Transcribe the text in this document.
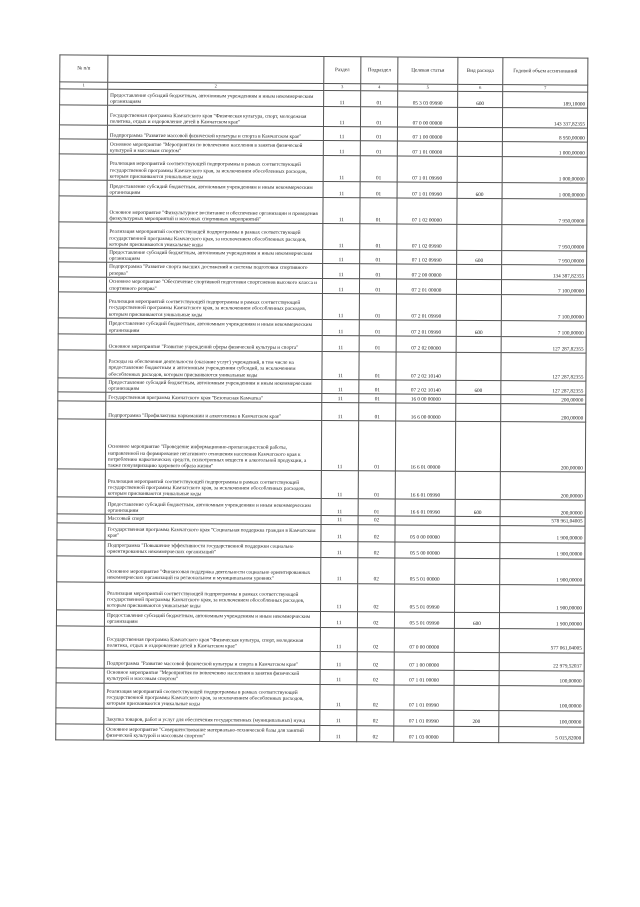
№ п/п		Раздел	Подраздел	Целевая статья	Вид расхода	Годовой объем ассигнований
1	2	3	4	5	6	7
	Предоставление субсидий бюджетным, автономным учреждениям и иным некоммерческим организациям	11	01	05 3 03 09990	600	189,10000
	Государственная программа Камчатского края "Физическая культура, спорт, молодежная политика, отдых и оздоровление детей в Камчатском крае"	11	01	07 0 00 00000		143 337,82355
	Подпрограмма "Развитие массовой физической культуры и спорта в Камчатском крае"	11	01	07 1 00 00000		8 950,00000
	Основное мероприятие "Мероприятия по вовлечению населения в занятия физической культурой и массовым спортом"	11	01	07 1 01 00000		1 000,00000
	Реализация мероприятий соответствующей подпрограммы в рамках соответствующей государственной программы Камчатского края, за исключением обособленных расходов, которым присваиваются уникальные коды	11	01	07 1 01 09990		1 000,00000
	Предоставление субсидий бюджетным, автономным учреждениям и иным некоммерческим организациям	11	01	07 1 01 09990	600	1 000,00000
	Основное мероприятие "Физкультурное воспитание и обеспечение организации и проведения физкультурных мероприятий и массовых спортивных мероприятий"	11	01	07 1 02 00000		7 950,00000
	Реализация мероприятий соответствующей подпрограммы в рамках соответствующей государственной программы Камчатского края, за исключением обособленных расходов, которым присваиваются уникальные коды	11	01	07 1 02 09990		7 950,00000
	Предоставление субсидий бюджетным, автономным учреждениям и иным некоммерческим организациям	11	01	07 1 02 09990	600	7 950,00000
	Подпрограмма "Развитие спорта высших достижений и системы подготовки спортивного резерва"	11	01	07 2 00 00000		134 387,82355
	Основное мероприятие "Обеспечение спортивной подготовки спортсменов высокого класса и спортивного резерва"	11	01	07 2 01 00000		7 100,00000
	Реализация мероприятий соответствующей подпрограммы в рамках соответствующей государственной программы Камчатского края, за исключением обособленных расходов, которым присваиваются уникальные коды	11	01	07 2 01 09990		7 100,00000
	Предоставление субсидий бюджетным, автономным учреждениям и иным некоммерческим организациям	11	01	07 2 01 09990	600	7 100,00000
	Основное мероприятие "Развитие учреждений сферы физической культуры и спорта"	11	01	07 2 02 00000		127 287,82355
	Расходы на обеспечение деятельности (оказание услуг) учреждений, в том числе на предоставление бюджетным и автономным учреждениям субсидий, за исключением обособленных расходов, которым присваиваются уникальные коды	11	01	07 2 02 10140		127 287,82355
	Предоставление субсидий бюджетным, автономным учреждениям и иным некоммерческим организациям	11	01	07 2 02 10140	600	127 287,82355
	Государственная программа Камчатского края "Безопасная Камчатка"	11	01	16 0 00 00000		200,00000
	Подпрограмма "Профилактика наркомании и алкоголизма в Камчатском крае"	11	01	16 6 00 00000		200,00000
	Основное мероприятие "Проведение информационно-пропагандистской работы, направленной на формирование негативного отношения населения Камчатского края к потреблению наркотических средств, психотропных веществ и алкогольной продукции, а также популяризацию здорового образа жизни"	11	01	16 6 01 00000		200,00000
	Реализация мероприятий соответствующей подпрограммы в рамках соответствующей государственной программы Камчатского края, за исключением обособленных расходов, которым присваиваются уникальные коды	11	01	16 6 01 09990		200,00000
	Предоставление субсидий бюджетным, автономным учреждениям и иным некоммерческим организациям	11	01	16 6 01 09990	600	200,00000
	Массовый спорт	11	02			578 961,04005
	Государственная программа Камчатского края "Социальная поддержка граждан в Камчатском крае"	11	02	05 0 00 00000		1 900,00000
	Подпрограмма "Повышение эффективности государственной поддержки социально ориентированных некоммерческих организаций"	11	02	05 5 00 00000		1 900,00000
	Основное мероприятие "Финансовая поддержка деятельности социально ориентированных некоммерческих организаций на региональном и муниципальном уровнях"	11	02	05 5 01 00000		1 900,00000
	Реализация мероприятий соответствующей подпрограммы в рамках соответствующей государственной программы Камчатского края, за исключением обособленных расходов, которым присваиваются уникальные коды	11	02	05 5 01 09990		1 900,00000
	Предоставление субсидий бюджетным, автономным учреждениям и иным некоммерческим организациям	11	02	05 5 01 09990	600	1 900,00000
	Государственная программа Камчатского края "Физическая культура, спорт, молодежная политика, отдых и оздоровление детей в Камчатском крае"	11	02	07 0 00 00000		577 061,04005
	Подпрограмма "Развитие массовой физической культуры и спорта в Камчатском крае"	11	02	07 1 00 00000		22 979,52037
	Основное мероприятие "Мероприятия по вовлечению населения в занятия физической культурой и массовым спортом"	11	02	07 1 01 00000		100,00000
	Реализация мероприятий соответствующей подпрограммы в рамках соответствующей государственной программы Камчатского края, за исключением обособленных расходов, которым присваиваются уникальные коды	11	02	07 1 01 09990		100,00000
	Закупка товаров, работ и услуг для обеспечения государственных (муниципальных) нужд	11	02	07 1 01 09990	200	100,00000
	Основное мероприятие "Совершенствование материально-технической базы для занятий физической культурой и массовым спортом"	11	02	07 1 03 00000		5 015,82000
